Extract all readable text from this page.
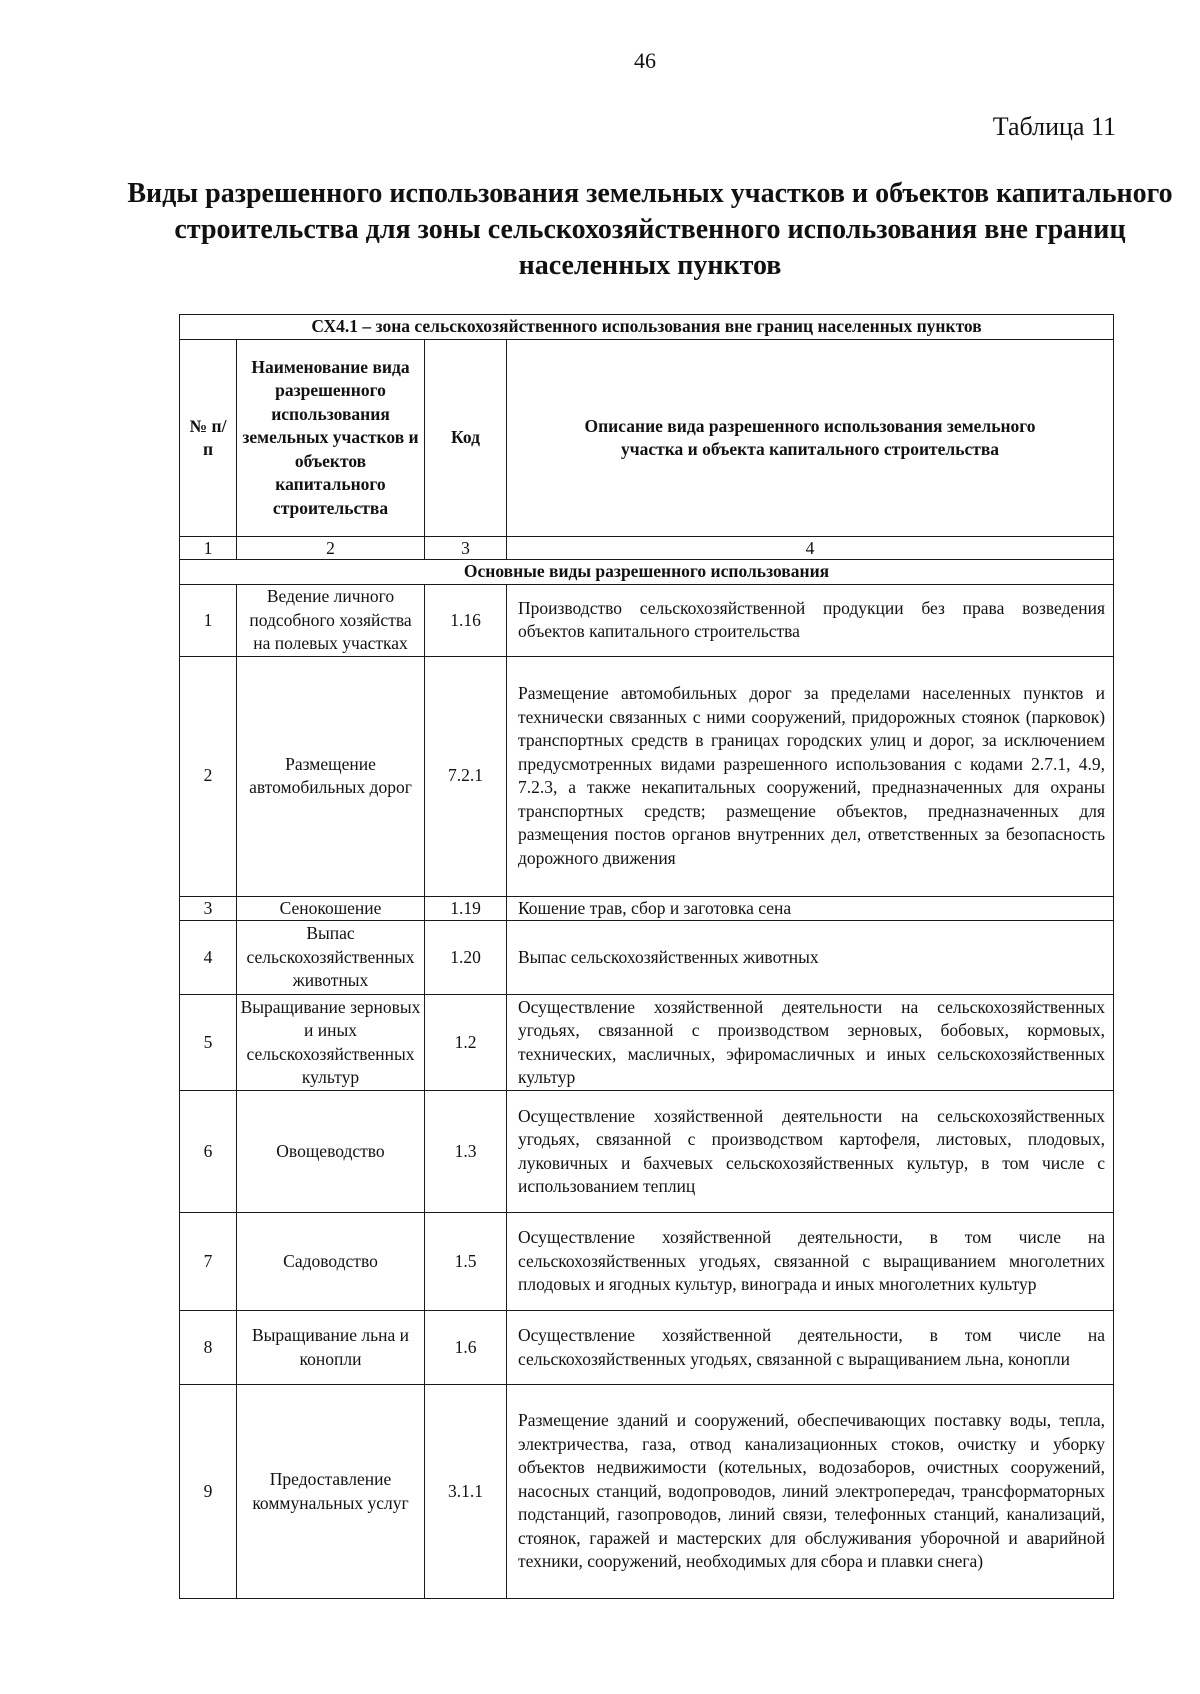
46
Таблица 11
Виды разрешенного использования земельных участков и объектов капитального строительства для зоны сельскохозяйственного использования вне границ населенных пунктов
СХ4.1 – зона сельскохозяйственного использования вне границ населенных пунктов			
№ п/п	Наименование вида разрешенного использования земельных участков и объектов капитального строительства	Код	Описание вида разрешенного использования земельного участка и объекта капитального строительства
1	2	3	4
Основные виды разрешенного использования			
1	Ведение личного подсобного хозяйства на полевых участках	1.16	Производство сельскохозяйственной продукции без права возведения объектов капитального строительства
2	Размещение автомобильных дорог	7.2.1	Размещение автомобильных дорог за пределами населенных пунктов и технически связанных с ними сооружений, придорожных стоянок (парковок) транспортных средств в границах городских улиц и дорог, за исключением предусмотренных видами разрешенного использования с кодами 2.7.1, 4.9, 7.2.3, а также некапитальных сооружений, предназначенных для охраны транспортных средств; размещение объектов, предназначенных для размещения постов органов внутренних дел, ответственных за безопасность дорожного движения
3	Сенокошение	1.19	Кошение трав, сбор и заготовка сена
4	Выпас сельскохозяйственных животных	1.20	Выпас сельскохозяйственных животных
5	Выращивание зерновых и иных сельскохозяйственных культур	1.2	Осуществление хозяйственной деятельности на сельскохозяйственных угодьях, связанной с производством зерновых, бобовых, кормовых, технических, масличных, эфиромасличных и иных сельскохозяйственных культур
6	Овощеводство	1.3	Осуществление хозяйственной деятельности на сельскохозяйственных угодьях, связанной с производством картофеля, листовых, плодовых, луковичных и бахчевых сельскохозяйственных культур, в том числе с использованием теплиц
7	Садоводство	1.5	Осуществление хозяйственной деятельности, в том числе на сельскохозяйственных угодьях, связанной с выращиванием многолетних плодовых и ягодных культур, винограда и иных многолетних культур
8	Выращивание льна и конопли	1.6	Осуществление хозяйственной деятельности, в том числе на сельскохозяйственных угодьях, связанной с выращиванием льна, конопли
9	Предоставление коммунальных услуг	3.1.1	Размещение зданий и сооружений, обеспечивающих поставку воды, тепла, электричества, газа, отвод канализационных стоков, очистку и уборку объектов недвижимости (котельных, водозаборов, очистных сооружений, насосных станций, водопроводов, линий электропередач, трансформаторных подстанций, газопроводов, линий связи, телефонных станций, канализаций, стоянок, гаражей и мастерских для обслуживания уборочной и аварийной техники, сооружений, необходимых для сбора и плавки снега)
